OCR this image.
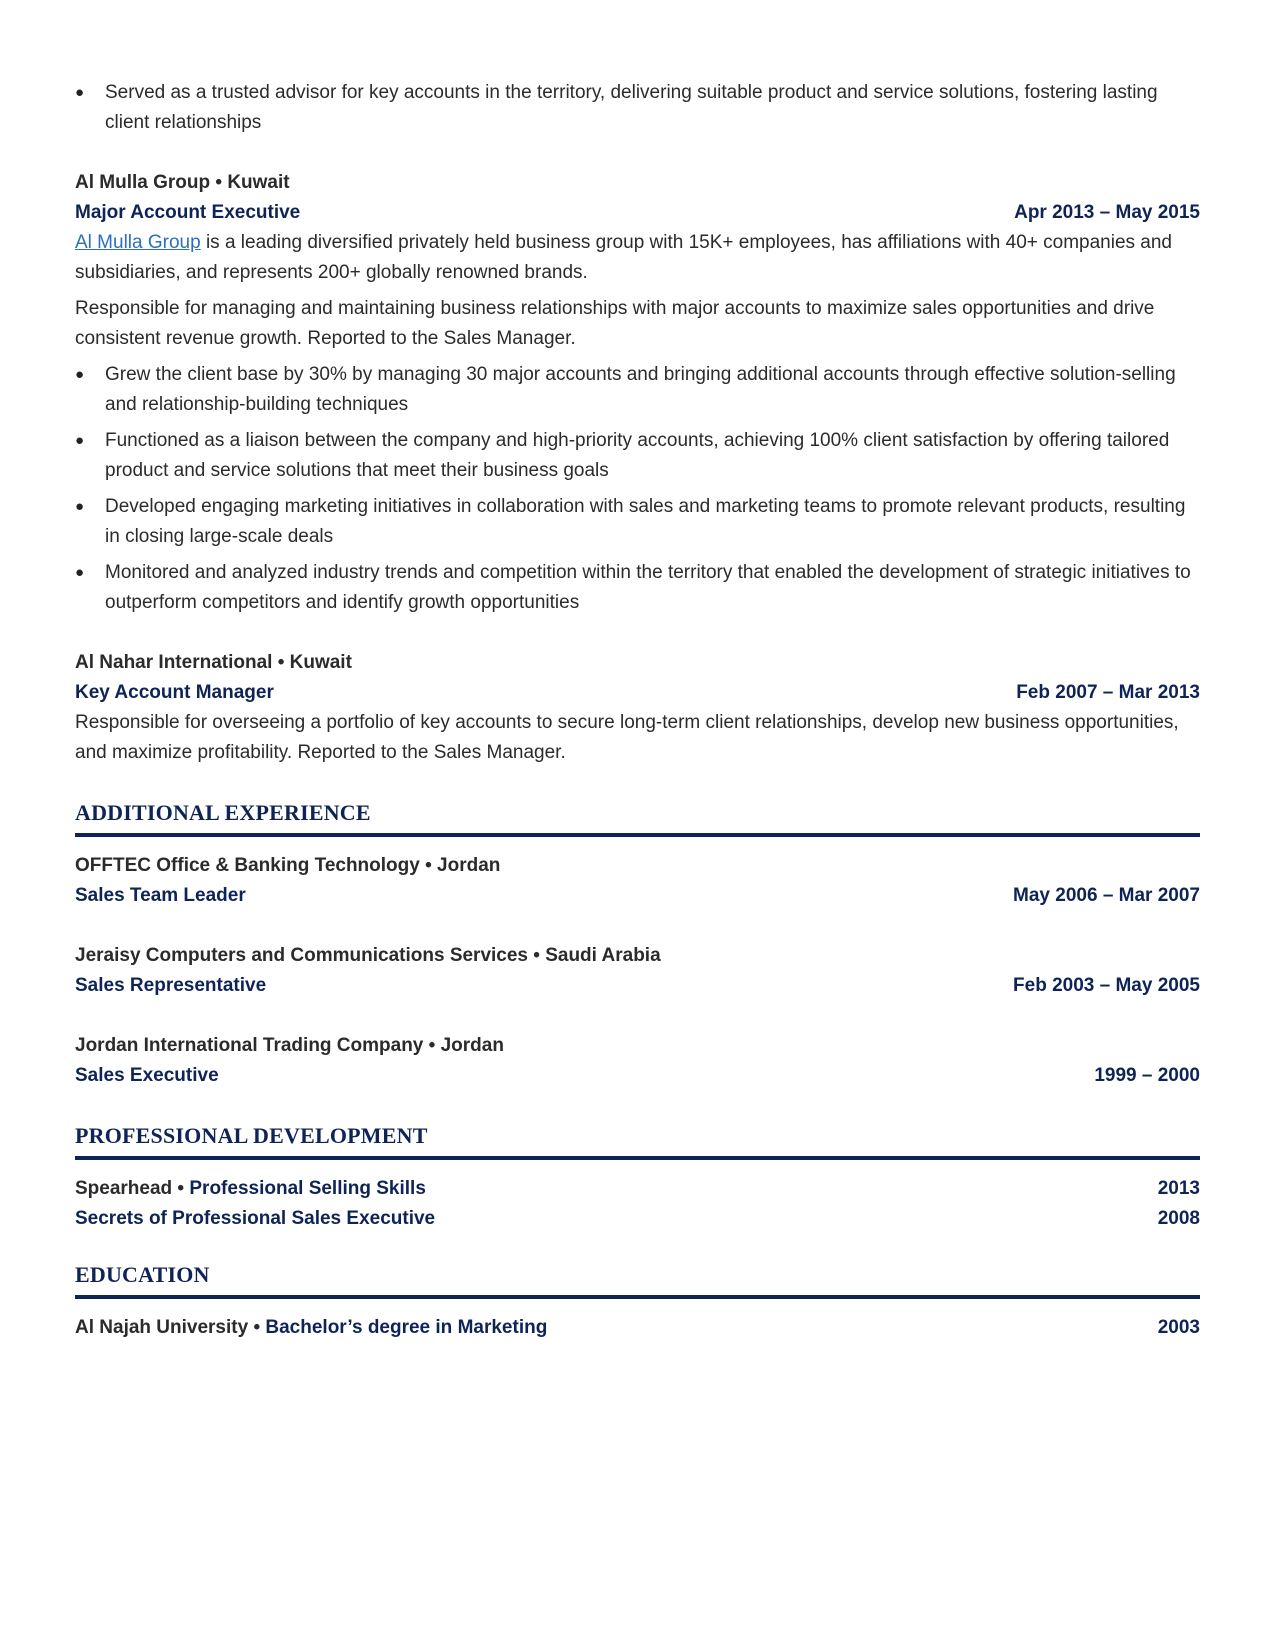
● Served as a trusted advisor for key accounts in the territory, delivering suitable product and service solutions, fostering lasting client relationships
Al Mulla Group • Kuwait
Major Account Executive	Apr 2013 – May 2015

Al Mulla Group is a leading diversified privately held business group with 15K+ employees, has affiliations with 40+ companies and subsidiaries, and represents 200+ globally renowned brands.

Responsible for managing and maintaining business relationships with major accounts to maximize sales opportunities and drive consistent revenue growth. Reported to the Sales Manager.

● Grew the client base by 30% by managing 30 major accounts and bringing additional accounts through effective solution-selling and relationship-building techniques
● Functioned as a liaison between the company and high-priority accounts, achieving 100% client satisfaction by offering tailored product and service solutions that meet their business goals
● Developed engaging marketing initiatives in collaboration with sales and marketing teams to promote relevant products, resulting in closing large-scale deals
● Monitored and analyzed industry trends and competition within the territory that enabled the development of strategic initiatives to outperform competitors and identify growth opportunities
Al Nahar International • Kuwait
Key Account Manager	Feb 2007 – Mar 2013

Responsible for overseeing a portfolio of key accounts to secure long-term client relationships, develop new business opportunities, and maximize profitability. Reported to the Sales Manager.

ADDITIONAL EXPERIENCE
OFFTEC Office & Banking Technology • Jordan
Sales Team Leader	May 2006 – Mar 2007
Jeraisy Computers and Communications Services • Saudi Arabia
Sales Representative	Feb 2003 – May 2005
Jordan International Trading Company • Jordan
Sales Executive	1999 – 2000
PROFESSIONAL DEVELOPMENT
Spearhead • Professional Selling Skills	2013
Secrets of Professional Sales Executive	2008
EDUCATION
Al Najah University • Bachelor’s degree in Marketing	2003
